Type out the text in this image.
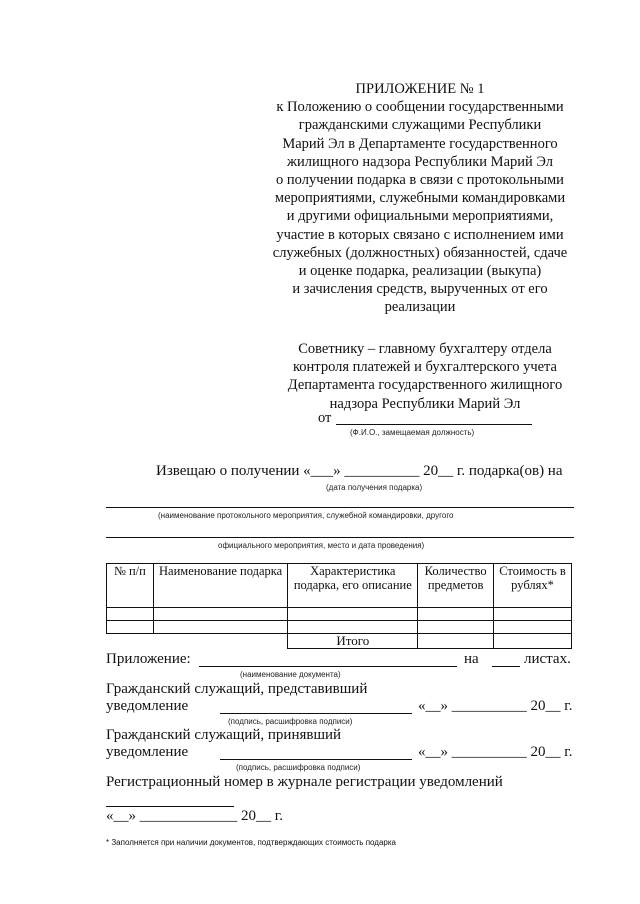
ПРИЛОЖЕНИЕ № 1
к Положению о сообщении государственными
гражданскими служащими Республики
Марий Эл в Департаменте государственного
жилищного надзора Республики Марий Эл
о получении подарка в связи с протокольными
мероприятиями, служебными командировками
и другими официальными мероприятиями,
участие в которых связано с исполнением ими
служебных (должностных) обязанностей, сдаче
и оценке подарка, реализации (выкупа)
и зачисления средств, вырученных от его
реализации
Советнику – главному бухгалтеру отдела
контроля платежей и бухгалтерского учета
Департамента государственного жилищного
надзора Республики Марий Эл
от
(Ф.И.О., замещаемая должность)
Извещаю о получении «___» __________ 20__ г. подарка(ов) на
(дата получения подарка)
(наименование протокольного мероприятия, служебной командировки, другого
официального мероприятия, место и дата проведения)
№ п/п	Наименование подарка	Характеристика подарка, его описание	Количество предметов	Стоимость в рублях*

		Итого		
Приложение:
(наименование документа)
на	листах.
Гражданский служащий, представивший
уведомление	«__» __________ 20__ г.
(подпись, расшифровка подписи)
Гражданский служащий, принявший
уведомление	«__» __________ 20__ г.
(подпись, расшифровка подписи)
Регистрационный номер в журнале регистрации уведомлений
«__» _____________ 20__ г.
* Заполняется при наличии документов, подтверждающих стоимость подарка
